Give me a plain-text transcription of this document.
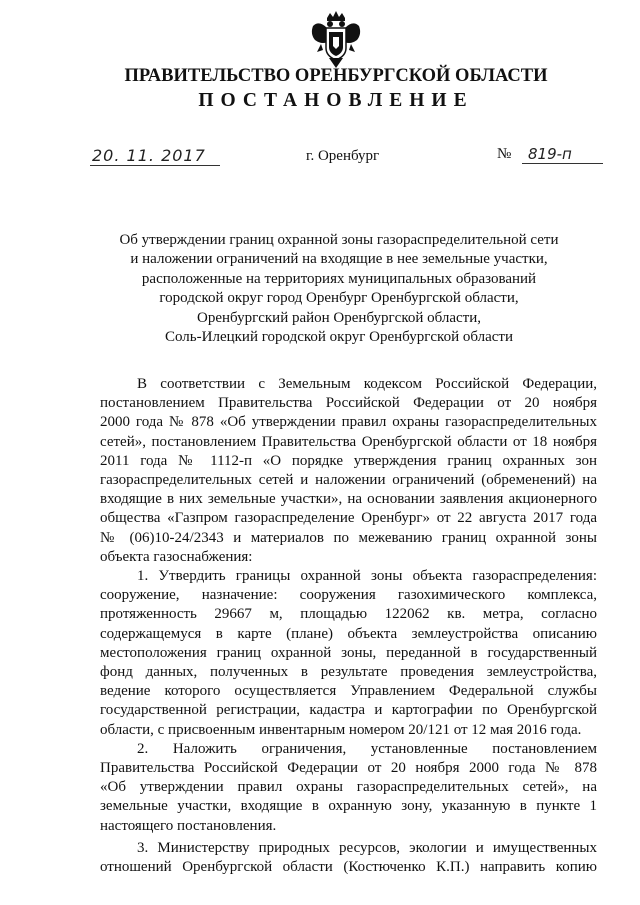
ПРАВИТЕЛЬСТВО ОРЕНБУРГСКОЙ ОБЛАСТИ
ПОСТАНОВЛЕНИЕ
20. 11. 2017	г. Оренбург	№	819-п
Об утверждении границ охранной зоны газораспределительной сети
и наложении ограничений на входящие в нее земельные участки,
расположенные на территориях муниципальных образований
городской округ город Оренбург Оренбургской области,
Оренбургский район Оренбургской области,
Соль-Илецкий городской округ Оренбургской области
В соответствии с Земельным кодексом Российской Федерации,
постановлением Правительства Российской Федерации от 20 ноября
2000 года № 878 «Об утверждении правил охраны газораспределительных
сетей», постановлением Правительства Оренбургской области от 18 ноября
2011 года № 1112-п «О порядке утверждения границ охранных зон
газораспределительных сетей и наложении ограничений (обременений) на
входящие в них земельные участки», на основании заявления акционерного
общества «Газпром газораспределение Оренбург» от 22 августа 2017 года
№ (06)10-24/2343 и материалов по межеванию границ охранной зоны
объекта газоснабжения:
1. Утвердить границы охранной зоны объекта газораспределения:
сооружение, назначение: сооружения газохимического комплекса,
протяженность 29667 м, площадью 122062 кв. метра, согласно
содержащемуся в карте (плане) объекта землеустройства описанию
местоположения границ охранной зоны, переданной в государственный
фонд данных, полученных в результате проведения землеустройства,
ведение которого осуществляется Управлением Федеральной службы
государственной регистрации, кадастра и картографии по Оренбургской
области, с присвоенным инвентарным номером 20/121 от 12 мая 2016 года.
2. Наложить ограничения, установленные постановлением
Правительства Российской Федерации от 20 ноября 2000 года № 878
«Об утверждении правил охраны газораспределительных сетей», на
земельные участки, входящие в охранную зону, указанную в пункте 1
настоящего постановления.
3. Министерству природных ресурсов, экологии и имущественных
отношений Оренбургской области (Костюченко К.П.) направить копию
